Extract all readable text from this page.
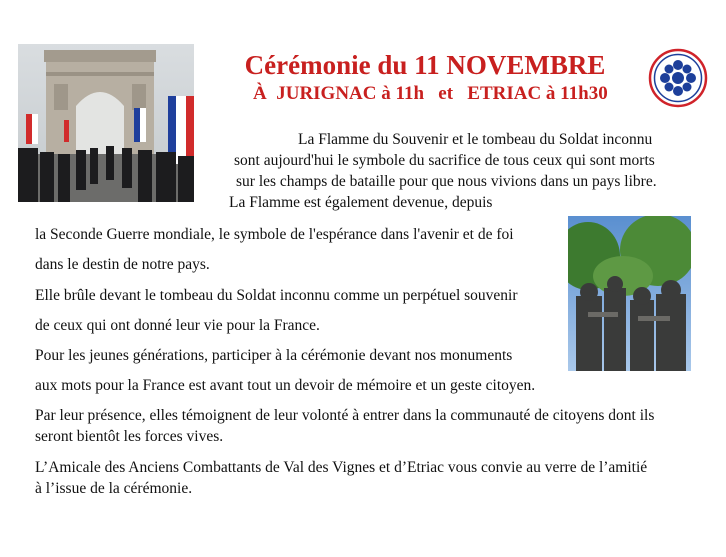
Cérémonie du 11 NOVEMBRE
À  JURIGNAC à 11h   et   ETRIAC à 11h30
La Flamme du Souvenir et le tombeau du Soldat inconnu
sont aujourd'hui le symbole du sacrifice de tous ceux qui sont morts
sur les champs de bataille pour que nous vivions dans un pays libre.
La Flamme est également devenue, depuis
la Seconde Guerre mondiale, le symbole de l'espérance dans l'avenir et de foi
dans le destin de notre pays.
Elle brûle devant le tombeau du Soldat inconnu comme un perpétuel souvenir
de ceux qui ont donné leur vie pour la France.
Pour les jeunes générations, participer à la cérémonie devant nos monuments
aux mots pour la France est avant tout un devoir de mémoire et un geste citoyen.
Par leur présence, elles témoignent de leur volonté à entrer dans la communauté de citoyens dont ils
seront bientôt les forces vives.
L’Amicale des Anciens Combattants de Val des Vignes et d’Etriac vous convie au verre de l’amitié
à l’issue de la cérémonie.
